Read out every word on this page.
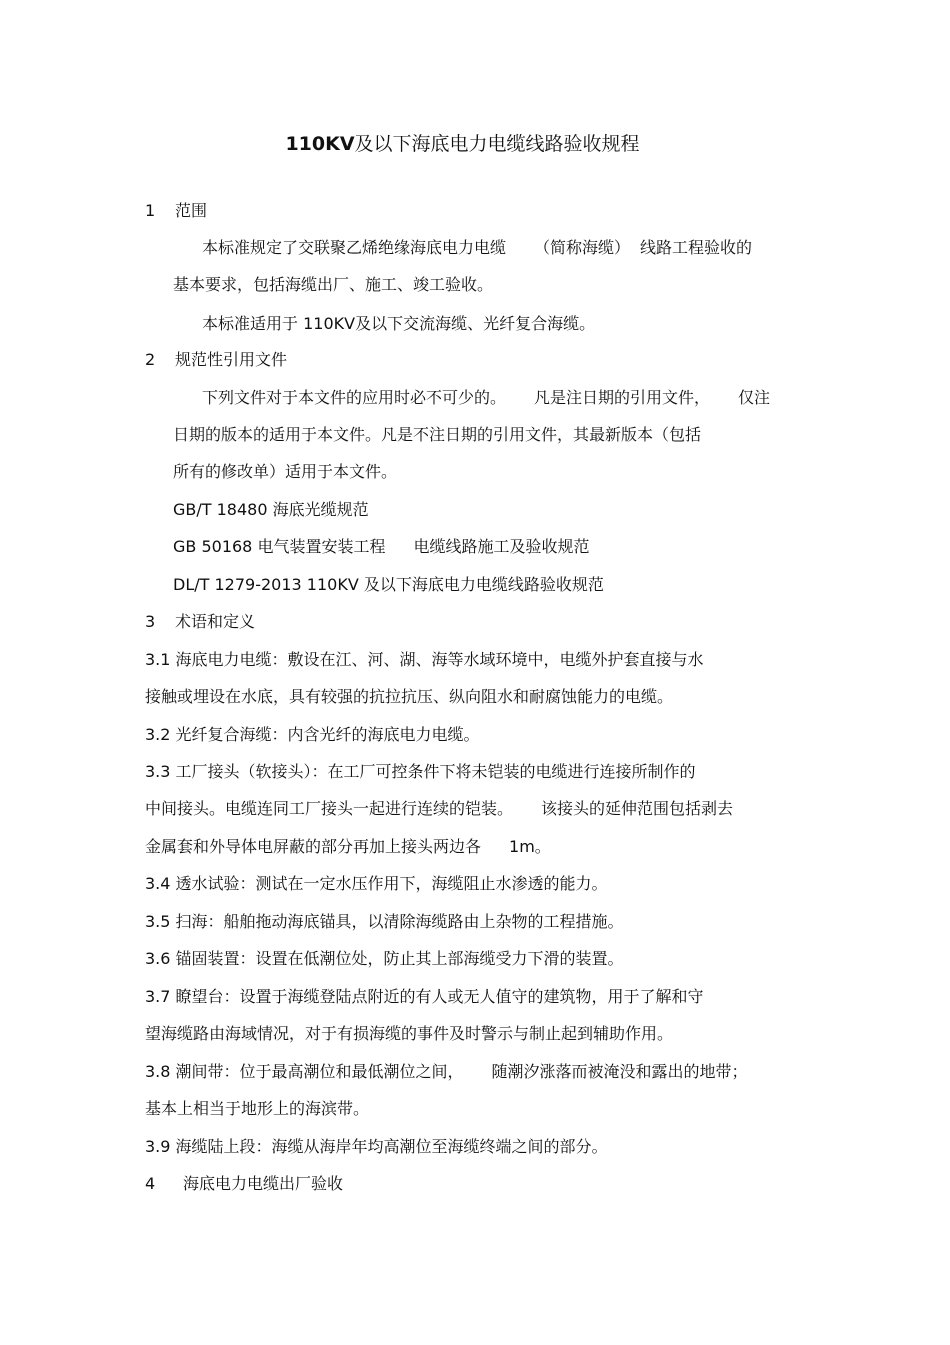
110KV及以下海底电力电缆线路验收规程
1 范围
本标准规定了交联聚乙烯绝缘海底电力电缆 （简称海缆） 线路工程验收的
基本要求，包括海缆出厂、施工、竣工验收。
本标准适用于 110KV及以下交流海缆、光纤复合海缆。
2 规范性引用文件
下列文件对于本文件的应用时必不可少的。 凡是注日期的引用文件， 仅注
日期的版本的适用于本文件。凡是不注日期的引用文件，其最新版本（包括
所有的修改单）适用于本文件。
GB/T 18480 海底光缆规范
GB 50168 电气装置安装工程 电缆线路施工及验收规范
DL/T 1279-2013 110KV 及以下海底电力电缆线路验收规范
3 术语和定义
3.1 海底电力电缆：敷设在江、河、湖、海等水域环境中，电缆外护套直接与水
接触或埋设在水底，具有较强的抗拉抗压、纵向阻水和耐腐蚀能力的电缆。
3.2 光纤复合海缆：内含光纤的海底电力电缆。
3.3 工厂接头（软接头）：在工厂可控条件下将未铠装的电缆进行连接所制作的
中间接头。电缆连同工厂接头一起进行连续的铠装。 该接头的延伸范围包括剥去
金属套和外导体电屏蔽的部分再加上接头两边各 1m。
3.4 透水试验：测试在一定水压作用下，海缆阻止水渗透的能力。
3.5 扫海：船舶拖动海底锚具，以清除海缆路由上杂物的工程措施。
3.6 锚固装置：设置在低潮位处，防止其上部海缆受力下滑的装置。
3.7 瞭望台：设置于海缆登陆点附近的有人或无人值守的建筑物，用于了解和守
望海缆路由海域情况，对于有损海缆的事件及时警示与制止起到辅助作用。
3.8 潮间带：位于最高潮位和最低潮位之间， 随潮汐涨落而被淹没和露出的地带；
基本上相当于地形上的海滨带。
3.9 海缆陆上段：海缆从海岸年均高潮位至海缆终端之间的部分。
4 海底电力电缆出厂验收
